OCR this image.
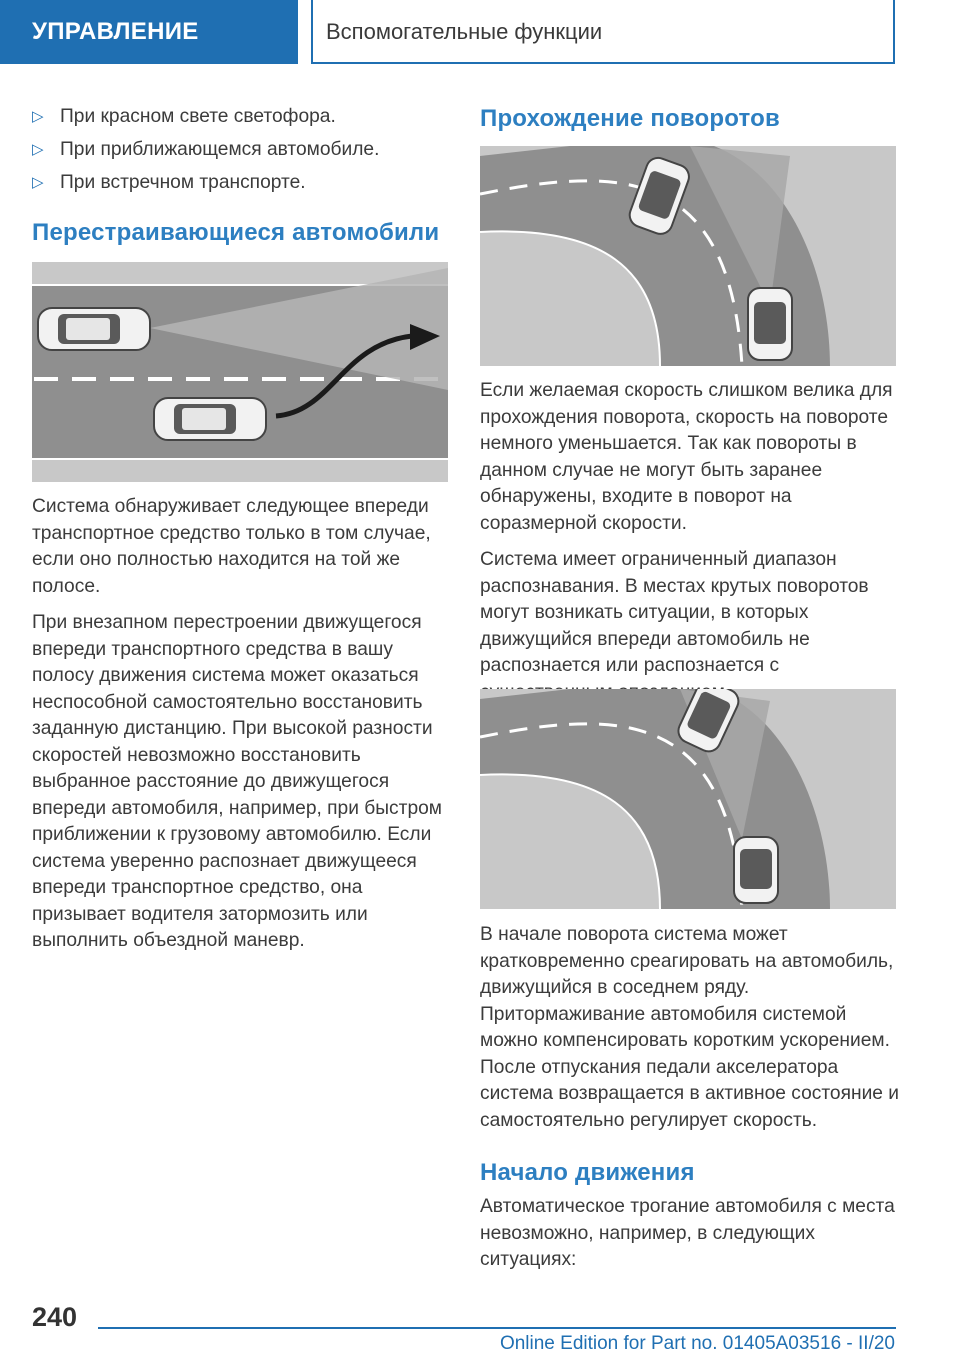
УПРАВЛЕНИЕ	Вспомогательные функции
▷ При красном свете светофора.
▷ При приближающемся автомобиле.
▷ При встречном транспорте.
Перестраивающиеся автомобили

Система обнаруживает следующее впереди транспортное средство только в том случае, если оно полностью находится на той же полосе.

При внезапном перестроении движущегося впереди транспортного средства в вашу полосу движения система может оказаться неспособной самостоятельно восстановить заданную дистанцию. При высокой разности скоростей невозможно восстановить выбранное расстояние до движущегося впереди автомобиля, например, при быстром приближении к грузовому автомобилю. Если система уверенно распознает движущееся впереди транспортное средство, она призывает водителя затормозить или выполнить объездной маневр.

Прохождение поворотов

Если желаемая скорость слишком велика для прохождения поворота, скорость на повороте немного уменьшается. Так как повороты в данном случае не могут быть заранее обнаружены, входите в поворот на соразмерной скорости.

Система имеет ограниченный диапазон распознавания. В местах крутых поворотов могут возникать ситуации, в которых движущийся впереди автомобиль не распознается или распознается с

В начале поворота система может кратковременно среагировать на автомобиль, движущийся в соседнем ряду. Притормаживание автомобиля системой можно компенсировать коротким ускорением. После отпускания педали акселератора система возвращается в активное состояние и самостоятельно регулирует скорость.

Начало движения

Автоматическое трогание автомобиля с места невозможно, например, в следующих ситуациях:

240
Online Edition for Part no. 01405A03516 - II/20
